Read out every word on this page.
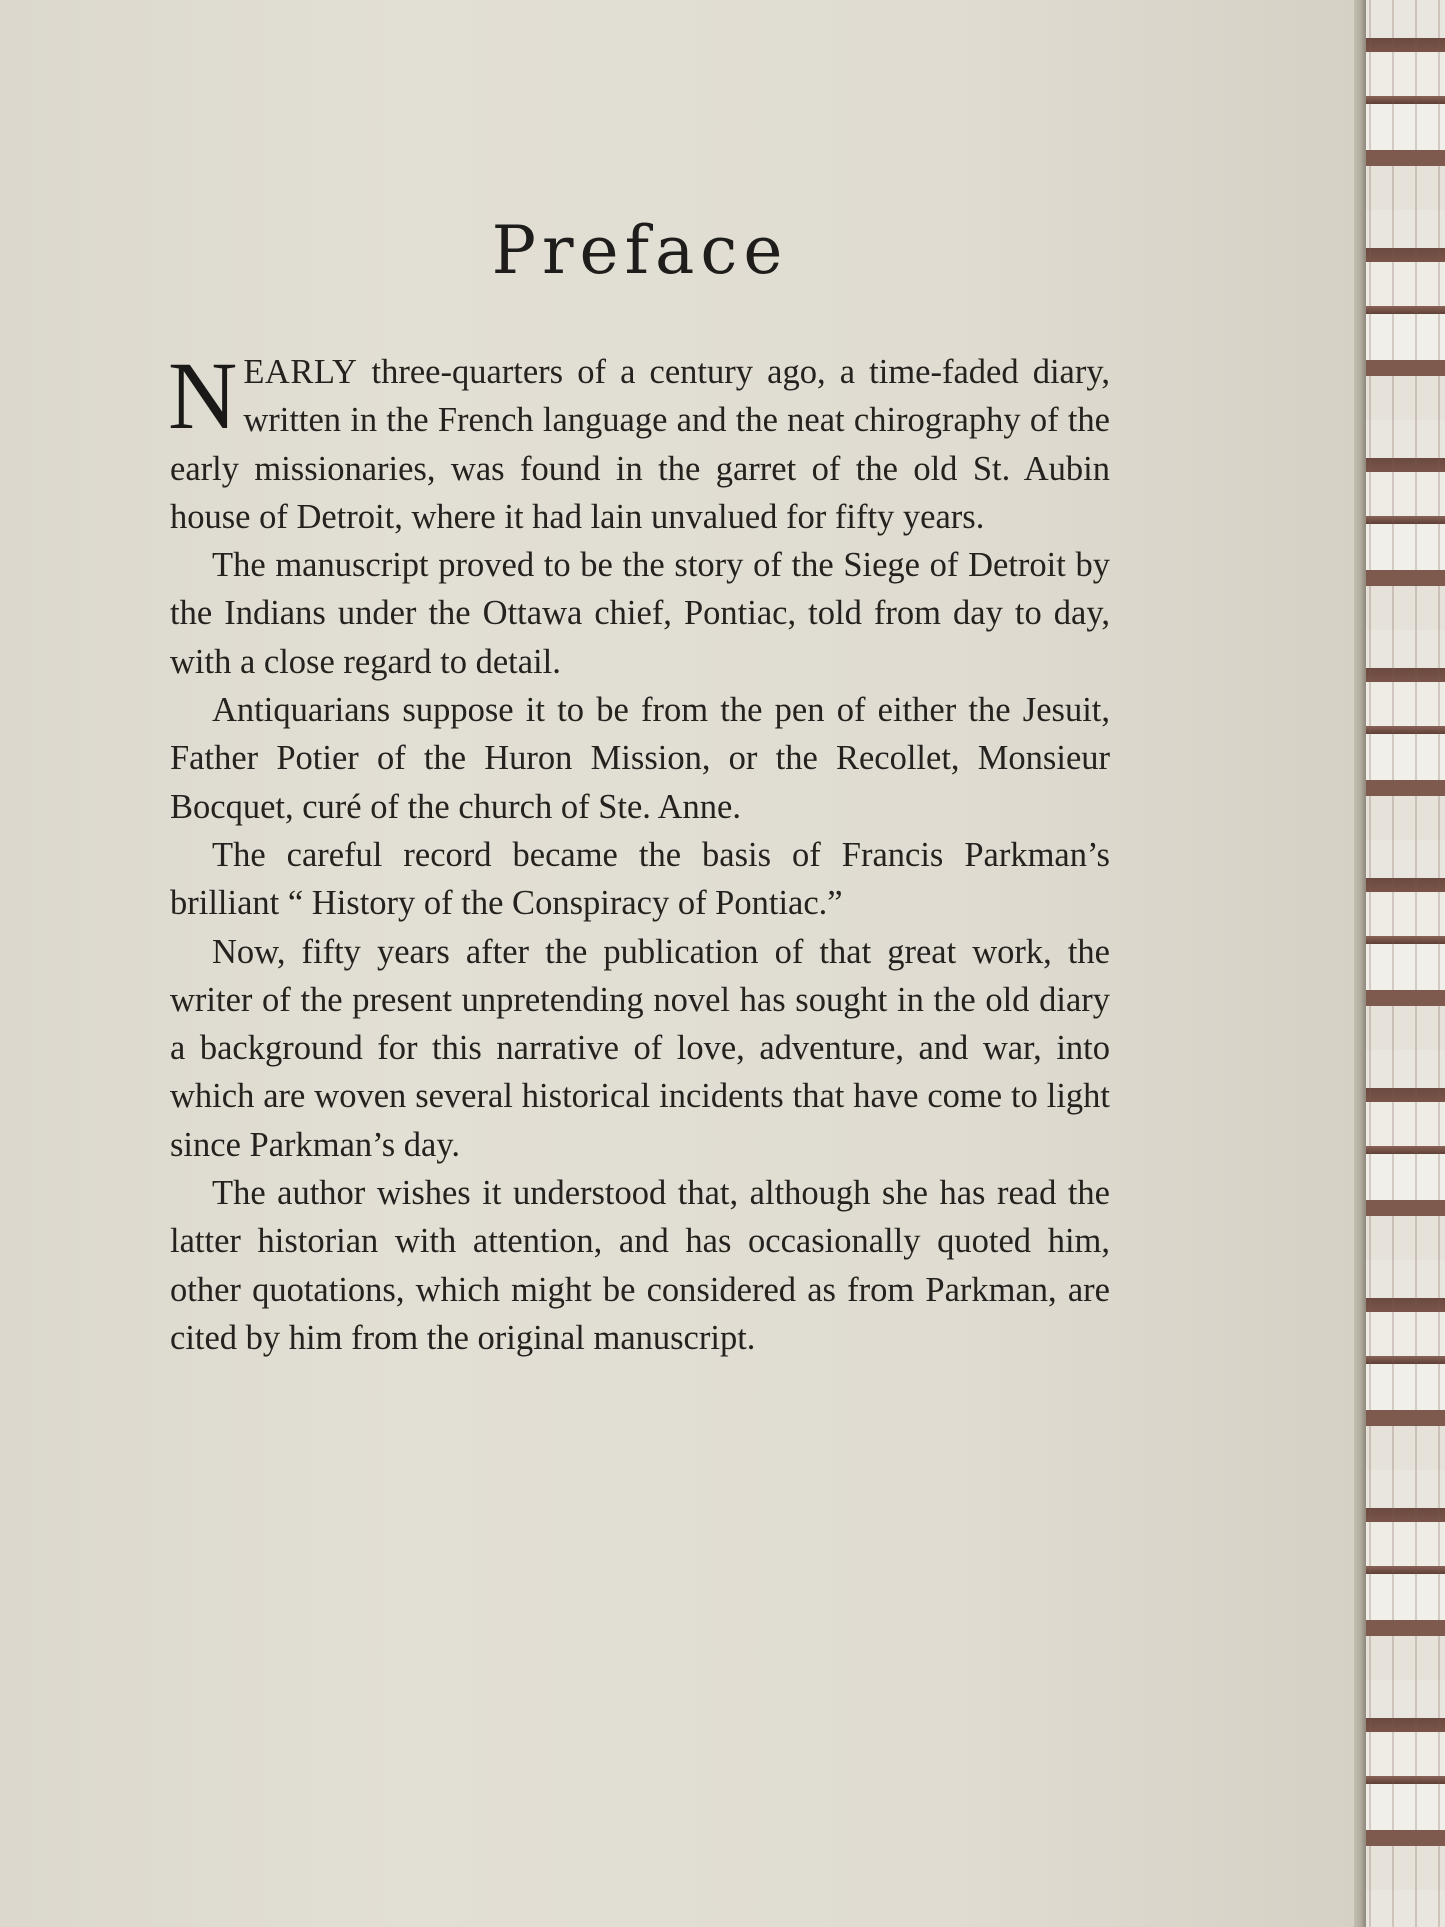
Preface

NEARLY three-quarters of a century ago, a time-faded diary, written in the French language and the neat chirography of the early missionaries, was found in the garret of the old St. Aubin house of Detroit, where it had lain unvalued for fifty years.

The manuscript proved to be the story of the Siege of Detroit by the Indians under the Ottawa chief, Pontiac, told from day to day, with a close regard to detail.

Antiquarians suppose it to be from the pen of either the Jesuit, Father Potier of the Huron Mission, or the Recollet, Monsieur Bocquet, curé of the church of Ste. Anne.

The careful record became the basis of Francis Parkman’s brilliant “ History of the Conspiracy of Pontiac.”

Now, fifty years after the publication of that great work, the writer of the present unpretending novel has sought in the old diary a background for this narrative of love, adventure, and war, into which are woven several historical incidents that have come to light since Parkman’s day.

The author wishes it understood that, although she has read the latter historian with attention, and has occasionally quoted him, other quotations, which might be considered as from Parkman, are cited by him from the original manuscript.
